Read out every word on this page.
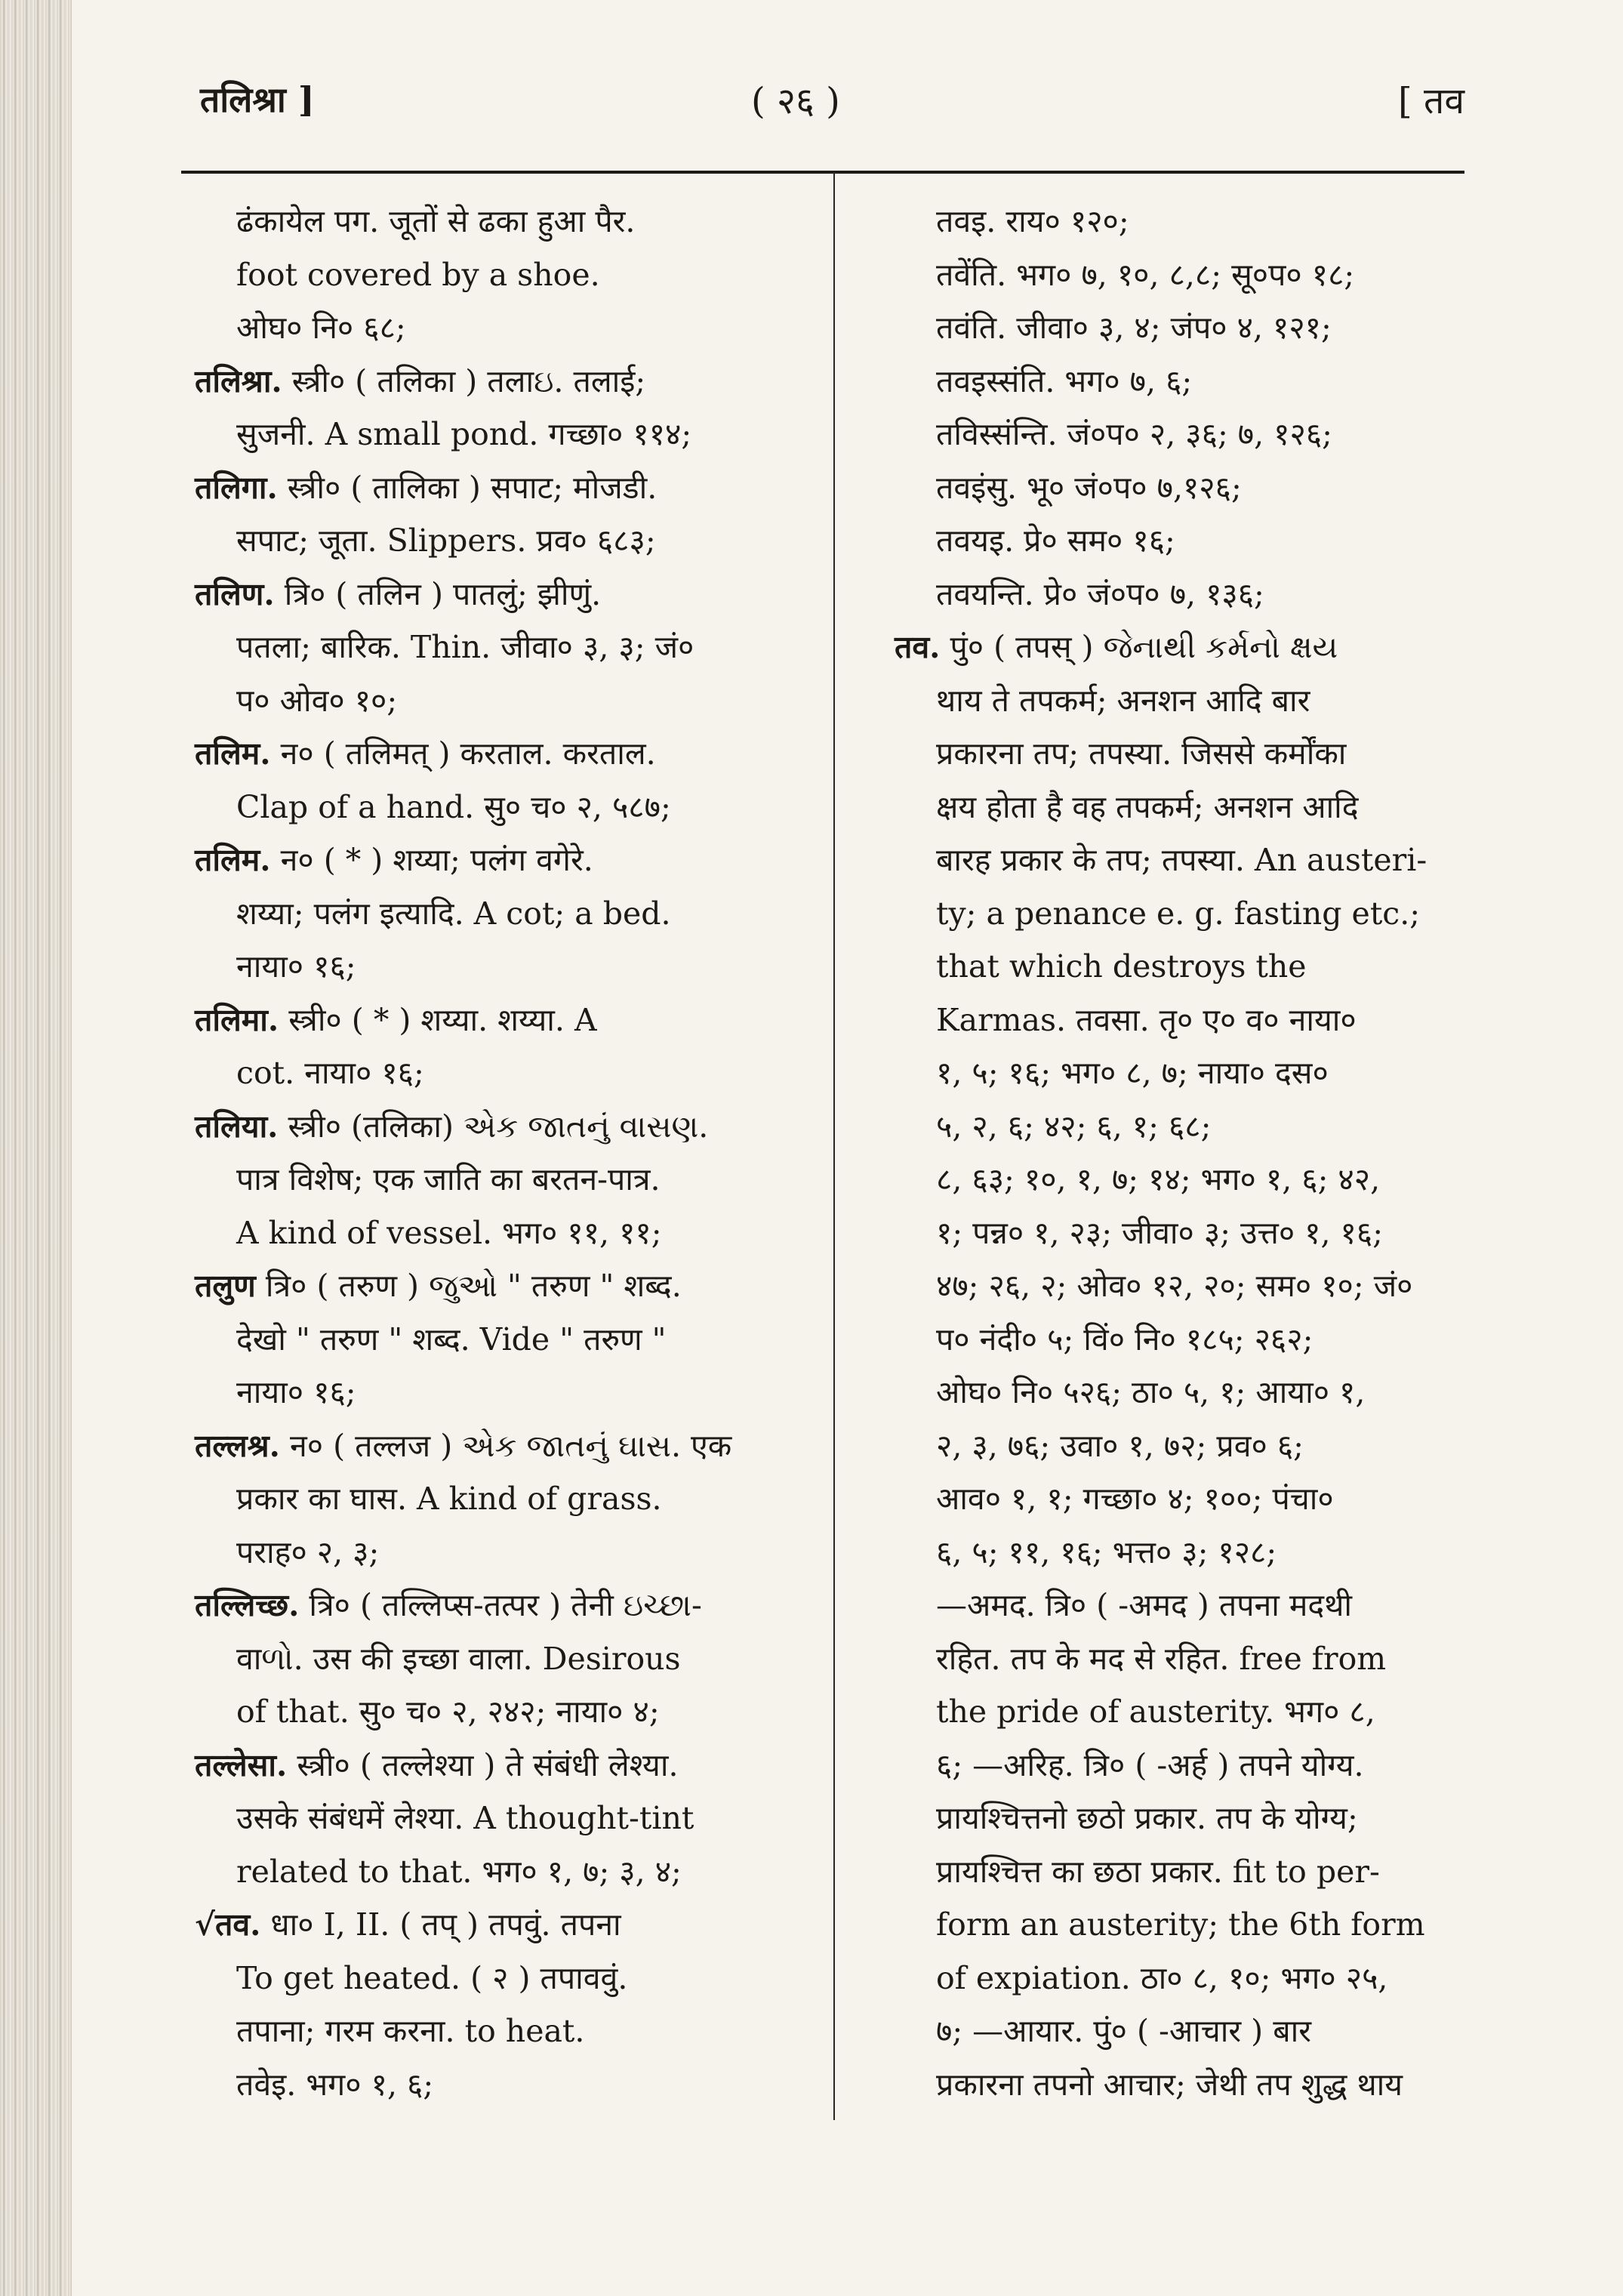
तलिश्रा ]	( २६ )	[ तव
ढंकायेल पग. जूतों से ढका हुआ पैर.
foot covered by a shoe.
ओघ० नि० ६८;
तलिश्रा. स्त्री० ( तलिका ) तलाઇ. तलाई;
सुजनी. A small pond. गच्छा० ११४;
तलिगा. स्त्री० ( तालिका ) सपाट; मोजडी.
सपाट; जूता. Slippers. प्रव० ६८३;
तलिण. त्रि० ( तलिन ) पातलुं; झीणुं.
पतला; बारिक. Thin. जीवा० ३, ३; जं०
प० ओव० १०;
तलिम. न० ( तलिमत् ) करताल. करताल.
Clap of a hand. सु० च० २, ५८७;
तलिम. न० ( * ) शय्या; पलंग वगेरे.
शय्या; पलंग इत्यादि. A cot; a bed.
नाया० १६;
तलिमा. स्त्री० ( * ) शय्या. शय्या. A
cot. नाया० १६;
तलिया. स्त्री० (तलिका) એક જાતનું વાસણ.
पात्र विशेष; एक जाति का बरतन-पात्र.
A kind of vessel. भग० ११, ११;
तलुण त्रि० ( तरुण ) જુઓ " तरुण " शब्द.
देखो " तरुण " शब्द. Vide " तरुण "
नाया० १६;
तल्लश्र. न० ( तल्लज ) એક જાતનું ઘાસ. एक
प्रकार का घास. A kind of grass.
पराह० २, ३;
तल्लिच्छ. त्रि० ( तल्लिप्स-तत्पर ) तेनी ઇચ્છા-
वाળો. उस की इच्छा वाला. Desirous
of that. सु० च० २, २४२; नाया० ४;
तल्लेसा. स्त्री० ( तल्लेश्या ) ते संबंधी लेश्या.
उसके संबंधमें लेश्या. A thought-tint
related to that. भग० १, ७; ३, ४;
√तव. धा० I, II. ( तप् ) तपवुं. तपना
To get heated. ( २ ) तपाववुं.
तपाना; गरम करना. to heat.
तवेइ. भग० १, ६;
तवइ. राय० १२०;
तवेंति. भग० ७, १०, ८,८; सू०प० १८;
तवंति. जीवा० ३, ४; जंप० ४, १२१;
तवइस्संति. भग० ७, ६;
तविस्संन्ति. जं०प० २, ३६; ७, १२६;
तवइंसु. भू० जं०प० ७,१२६;
तवयइ. प्रे० सम० १६;
तवयन्ति. प्रे० जं०प० ७, १३६;
तव. पुं० ( तपस् ) જેનાથી કર્મનો ક્ષય
थाय ते तपकर्म; अनशन आदि बार
प्रकारना तप; तपस्या. जिससे कर्मोंका
क्षय होता है वह तपकर्म; अनशन आदि
बारह प्रकार के तप; तपस्या. An austeri-
ty; a penance e. g. fasting etc.;
that which destroys the
Karmas. तवसा. तृ० ए० व० नाया०
१, ५; १६; भग० ८, ७; नाया० दस०
५, २, ६; ४२; ६, १; ६८;
८, ६३; १०, १, ७; १४; भग० १, ६; ४२,
१; पन्न० १, २३; जीवा० ३; उत्त० १, १६;
४७; २६, २; ओव० १२, २०; सम० १०; जं०
प० नंदी० ५; विं० नि० १८५; २६२;
ओघ० नि० ५२६; ठा० ५, १; आया० १,
२, ३, ७६; उवा० १, ७२; प्रव० ६;
आव० १, १; गच्छा० ४; १००; पंचा०
६, ५; ११, १६; भत्त० ३; १२८;
—अमद. त्रि० ( -अमद ) तपना मदथी
रहित. तप के मद से रहित. free from
the pride of austerity. भग० ८,
६; —अरिह. त्रि० ( -अर्ह ) तपने योग्य.
प्रायश्चित्तनो छठो प्रकार. तप के योग्य;
प्रायश्चित्त का छठा प्रकार. fit to per-
form an austerity; the 6th form
of expiation. ठा० ८, १०; भग० २५,
७; —आयार. पुं० ( -आचार ) बार
प्रकारना तपनो आचार; जेथी तप शुद्ध थाय
